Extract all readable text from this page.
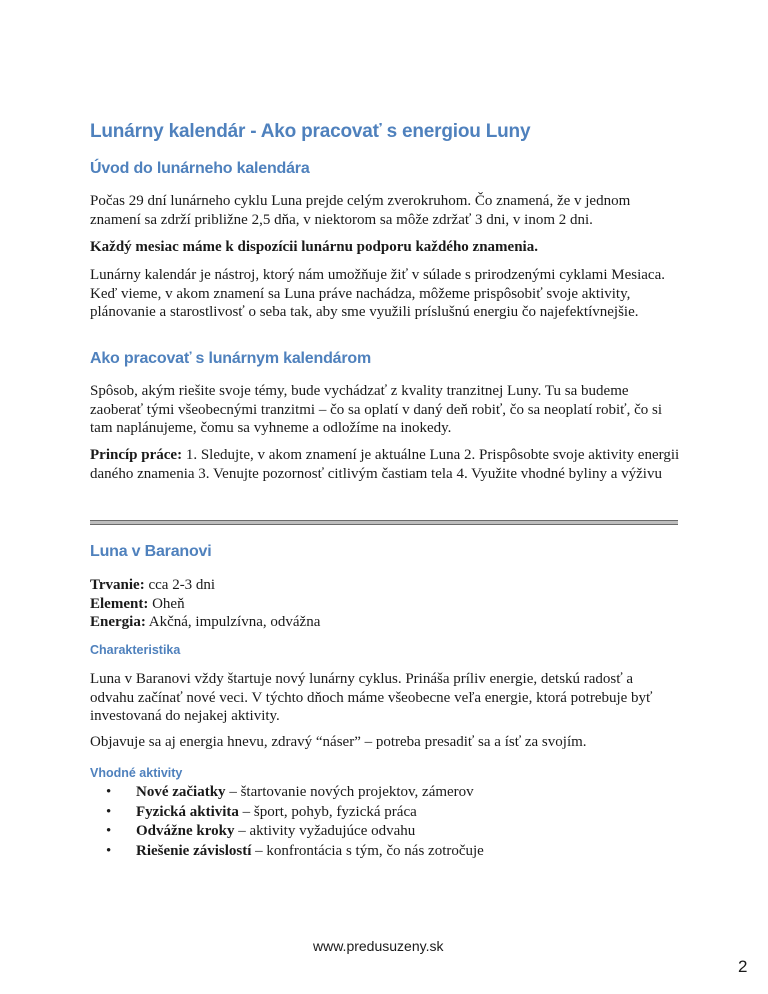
Lunárny kalendár - Ako pracovať s energiou Luny
Úvod do lunárneho kalendára

Počas 29 dní lunárneho cyklu Luna prejde celým zverokruhom. Čo znamená, že v jednom znamení sa zdrží približne 2,5 dňa, v niektorom sa môže zdržať 3 dni, v inom 2 dni.

Každý mesiac máme k dispozícii lunárnu podporu každého znamenia.

Lunárny kalendár je nástroj, ktorý nám umožňuje žiť v súlade s prirodzenými cyklami Mesiaca. Keď vieme, v akom znamení sa Luna práve nachádza, môžeme prispôsobiť svoje aktivity, plánovanie a starostlivosť o seba tak, aby sme využili príslušnú energiu čo najefektívnejšie.

Ako pracovať s lunárnym kalendárom

Spôsob, akým riešite svoje témy, bude vychádzať z kvality tranzitnej Luny. Tu sa budeme zaoberať tými všeobecnými tranzitmi – čo sa oplatí v daný deň robiť, čo sa neoplatí robiť, čo si tam naplánujeme, čomu sa vyhneme a odložíme na inokedy.

Princíp práce: 1. Sledujte, v akom znamení je aktuálne Luna 2. Prispôsobte svoje aktivity energii daného znamenia 3. Venujte pozornosť citlivým častiam tela 4. Využite vhodné byliny a výživu

Luna v Baranovi

Trvanie: cca 2-3 dni
Element: Oheň
Energia: Akčná, impulzívna, odvážna

Charakteristika

Luna v Baranovi vždy štartuje nový lunárny cyklus. Prináša príliv energie, detskú radosť a odvahu začínať nové veci. V týchto dňoch máme všeobecne veľa energie, ktorá potrebuje byť investovaná do nejakej aktivity.

Objavuje sa aj energia hnevu, zdravý “náser” – potreba presadiť sa a ísť za svojím.

Vhodné aktivity
• Nové začiatky – štartovanie nových projektov, zámerov
• Fyzická aktivita – šport, pohyb, fyzická práca
• Odvážne kroky – aktivity vyžadujúce odvahu
• Riešenie závislostí – konfrontácia s tým, čo nás zotročuje
www.predusuzeny.sk
2
